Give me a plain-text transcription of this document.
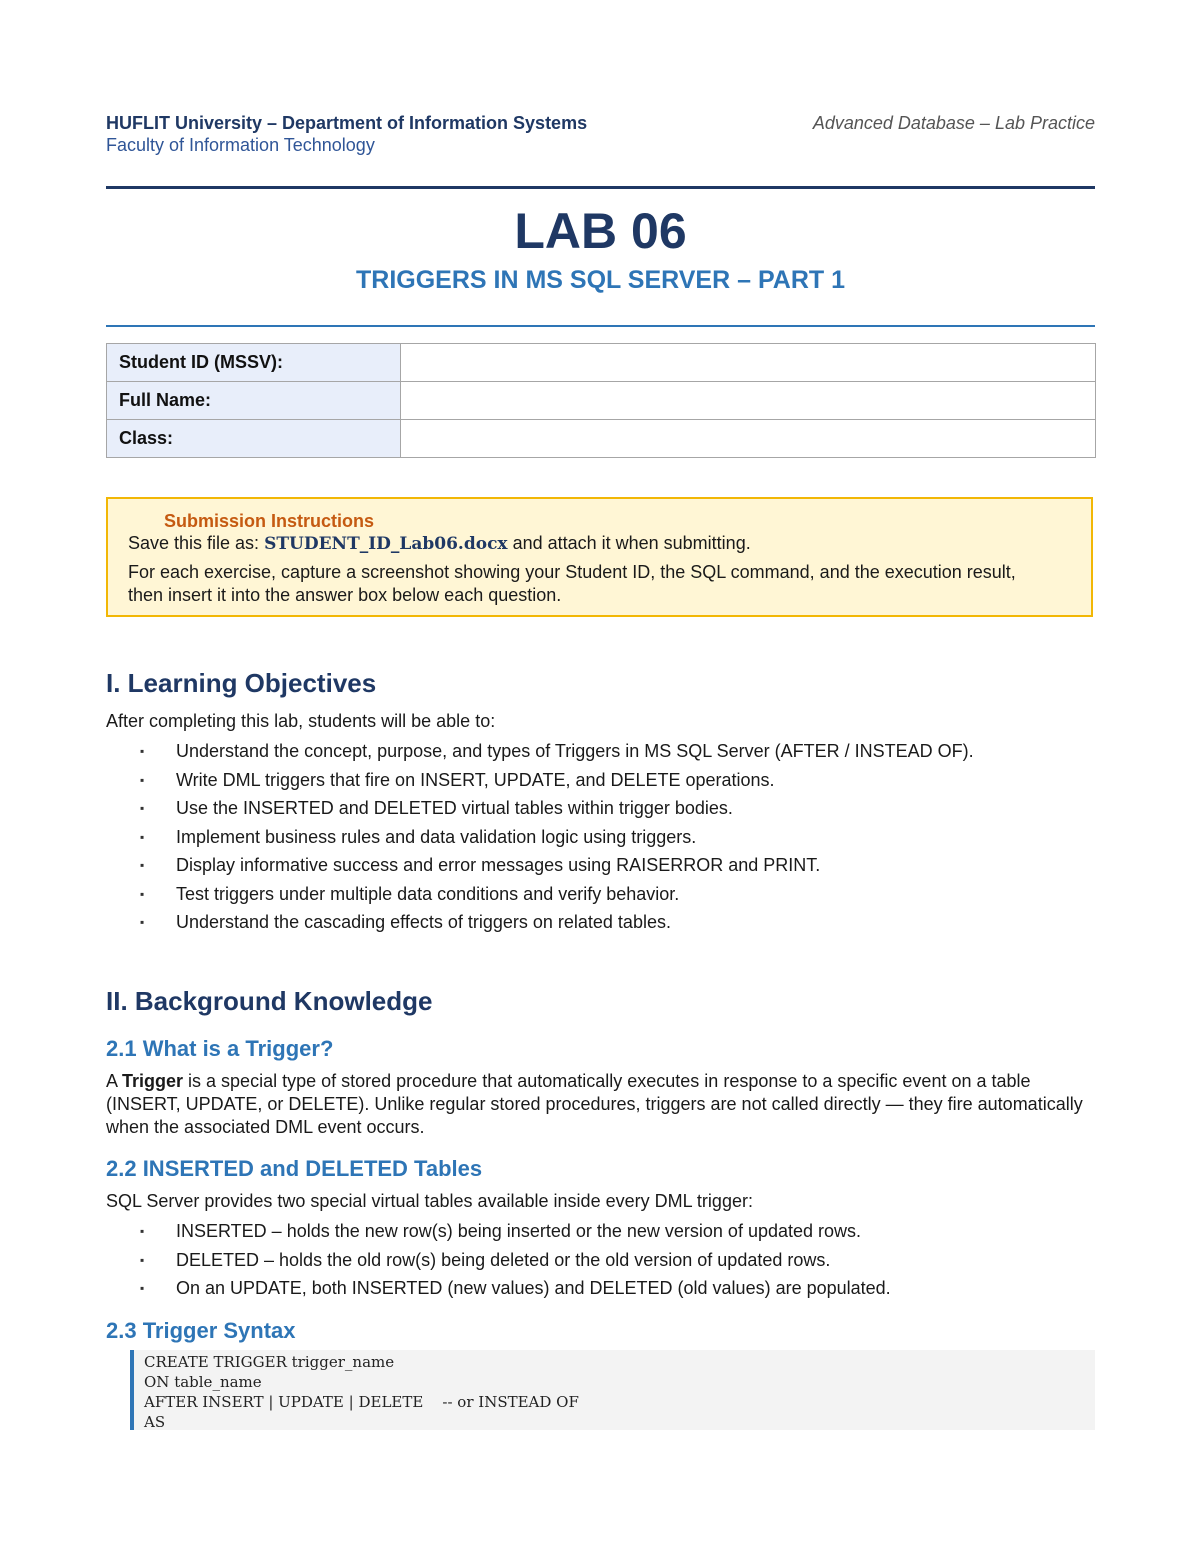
HUFLIT University – Department of Information Systems
Faculty of Information Technology
Advanced Database – Lab Practice
LAB 06
TRIGGERS IN MS SQL SERVER – PART 1
Student ID (MSSV):	
Full Name:	
Class:	
Submission Instructions
Save this file as: STUDENT_ID_Lab06.docx and attach it when submitting.
For each exercise, capture a screenshot showing your Student ID, the SQL command, and the execution result, then insert it into the answer box below each question.
I. Learning Objectives
After completing this lab, students will be able to:
▪ Understand the concept, purpose, and types of Triggers in MS SQL Server (AFTER / INSTEAD OF).
▪ Write DML triggers that fire on INSERT, UPDATE, and DELETE operations.
▪ Use the INSERTED and DELETED virtual tables within trigger bodies.
▪ Implement business rules and data validation logic using triggers.
▪ Display informative success and error messages using RAISERROR and PRINT.
▪ Test triggers under multiple data conditions and verify behavior.
▪ Understand the cascading effects of triggers on related tables.
II. Background Knowledge
2.1 What is a Trigger?
A Trigger is a special type of stored procedure that automatically executes in response to a specific event on a table (INSERT, UPDATE, or DELETE). Unlike regular stored procedures, triggers are not called directly — they fire automatically when the associated DML event occurs.
2.2 INSERTED and DELETED Tables
SQL Server provides two special virtual tables available inside every DML trigger:
▪ INSERTED – holds the new row(s) being inserted or the new version of updated rows.
▪ DELETED – holds the old row(s) being deleted or the old version of updated rows.
▪ On an UPDATE, both INSERTED (new values) and DELETED (old values) are populated.
2.3 Trigger Syntax
CREATE TRIGGER trigger_name
ON table_name
AFTER INSERT | UPDATE | DELETE    -- or INSTEAD OF
AS
